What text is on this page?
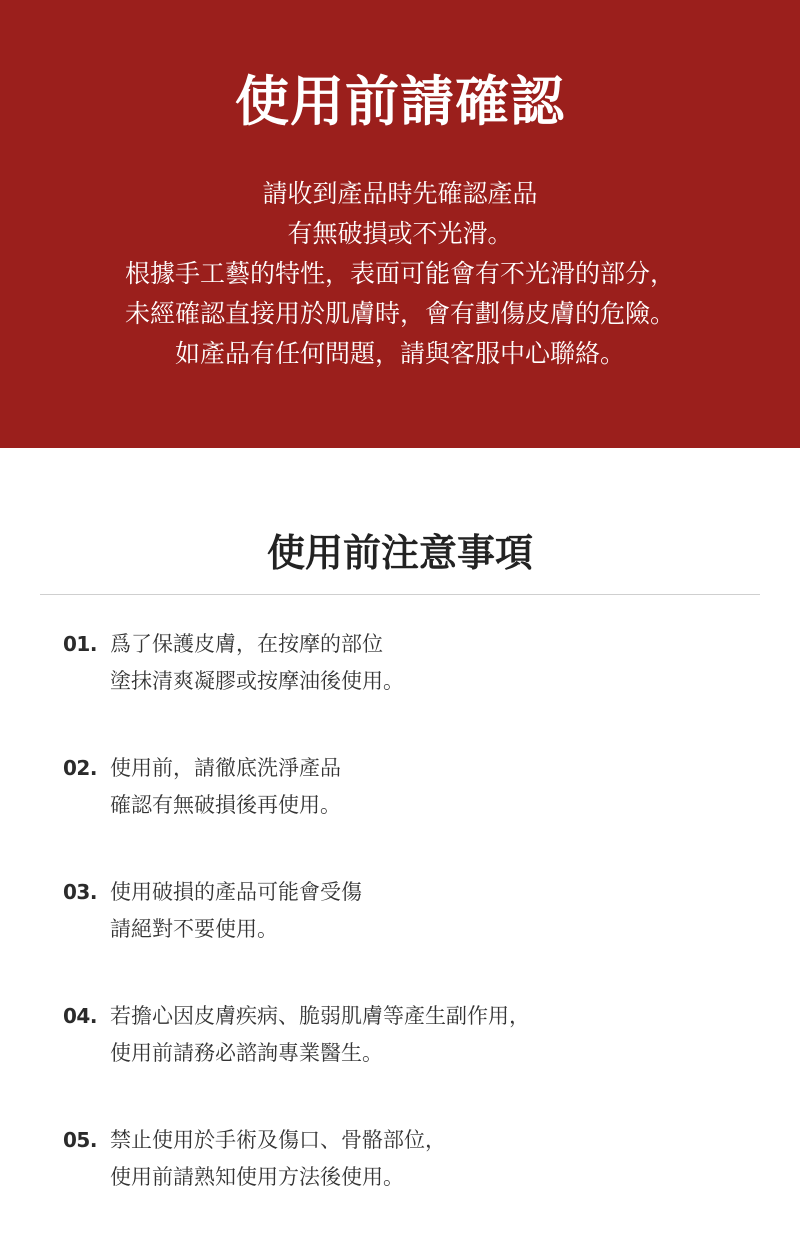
使用前請確認
請收到產品時先確認產品
有無破損或不光滑。
根據手工藝的特性，表面可能會有不光滑的部分，
未經確認直接用於肌膚時，會有劃傷皮膚的危險。
如產品有任何問題，請與客服中心聯絡。
使用前注意事項
01. 爲了保護皮膚，在按摩的部位
塗抹清爽凝膠或按摩油後使用。
02. 使用前，請徹底洗淨產品
確認有無破損後再使用。
03. 使用破損的產品可能會受傷
請絕對不要使用。
04. 若擔心因皮膚疾病、脆弱肌膚等產生副作用，
使用前請務必諮詢專業醫生。
05. 禁止使用於手術及傷口、骨骼部位，
使用前請熟知使用方法後使用。
